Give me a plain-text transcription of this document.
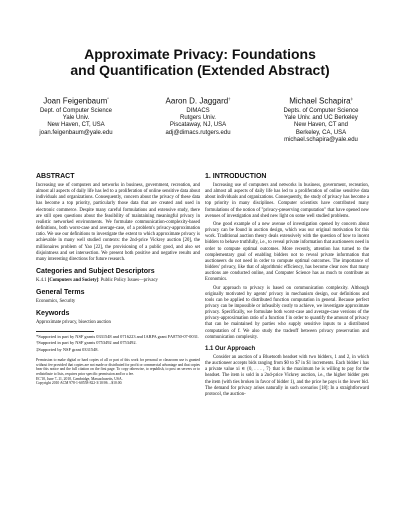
Approximate Privacy: Foundations
and Quantification (Extended Abstract)
Joan Feigenbaum*
Dept. of Computer Science
Yale Univ.
New Haven, CT, USA
joan.feigenbaum@yale.edu
Aaron D. Jaggard†
DIMACS
Rutgers Univ.
Piscataway, NJ, USA
adj@dimacs.rutgers.edu
Michael Schapira‡
Depts. of Computer Science
Yale Univ. and UC Berkeley
New Haven, CT and
Berkeley, CA, USA
michael.schapira@yale.edu
ABSTRACT

Increasing use of computers and networks in business, government, recreation, and almost all aspects of daily life has led to a proliferation of online sensitive data about individuals and organizations. Consequently, concern about the privacy of these data has become a top priority, particularly those data that are created and used in electronic commerce. Despite many careful formulations and extensive study, there are still open questions about the feasibility of maintaining meaningful privacy in realistic networked environments. We formulate communication-complexity-based definitions, both worst-case and average-case, of a problem's privacy-approximation ratio. We use our definitions to investigate the extent to which approximate privacy is achievable in many well studied contexts: the 2nd-price Vickrey auction [20], the millionaires problem of Yao [22], the provisioning of a public good, and also set disjointness and set intersection. We present both positive and negative results and many interesting directions for future research.

Categories and Subject Descriptors

K.4.1 [Computers and Society]: Public Policy Issues—privacy

General Terms

Economics, Security

Keywords

Approximate privacy, bisection auction

*Supported in part by NSF grants 0331548 and 0716223 and IARPA grant FA8750-07-0031.
†Supported in part by NSF grants 0753492 and 0753492.
‡Supported by NSF grant 0331548.
Permission to make digital or hard copies of all or part of this work for personal or classroom use is granted without fee provided that copies are not made or distributed for profit or commercial advantage and that copies bear this notice and the full citation on the first page. To copy otherwise, to republish, to post on servers or to redistribute to lists, requires prior specific permission and/or a fee.
EC'10, June 7–11, 2010, Cambridge, Massachusetts, USA.
Copyright 2010 ACM 978-1-60558-822-3/10/06 ...$10.00.
1. INTRODUCTION

Increasing use of computers and networks in business, government, recreation, and almost all aspects of daily life has led to a proliferation of online sensitive data about individuals and organizations. Consequently, the study of privacy has become a top priority in many disciplines. Computer scientists have contributed many formulations of the notion of "privacy-preserving computation" that have opened new avenues of investigation and shed new light on some well studied problems.

One good example of a new avenue of investigation opened by concern about privacy can be found in auction design, which was our original motivation for this work. Traditional auction theory deals extensively with the question of how to incent bidders to behave truthfully, i.e., to reveal private information that auctioneers need in order to compute optimal outcomes. More recently, attention has turned to the complementary goal of enabling bidders not to reveal private information that auctioneers do not need in order to compute optimal outcomes. The importance of bidders' privacy, like that of algorithmic efficiency, has become clear now that many auctions are conducted online, and Computer Science has as much to contribute as Economics.

Our approach to privacy is based on communication complexity. Although originally motivated by agents' privacy in mechanism design, our definitions and tools can be applied to distributed function computation in general. Because perfect privacy can be impossible or infeasibly costly to achieve, we investigate approximate privacy. Specifically, we formulate both worst-case and average-case versions of the privacy-approximation ratio of a function f in order to quantify the amount of privacy that can be maintained by parties who supply sensitive inputs to a distributed computation of f. We also study the tradeoff between privacy preservation and communication complexity.

1.1 Our Approach

Consider an auction of a Bluetooth headset with two bidders, 1 and 2, in which the auctioneer accepts bids ranging from $0 to $7 in $1 increments. Each bidder i has a private value xi ∈ {0, . . . , 7} that is the maximum he is willing to pay for the headset. The item is sold in a 2nd-price Vickrey auction, i.e., the higher bidder gets the item (with ties broken in favor of bidder 1), and the price he pays is the lower bid. The demand for privacy arises naturally in such scenarios [18]: In a straightforward protocol, the auction-
